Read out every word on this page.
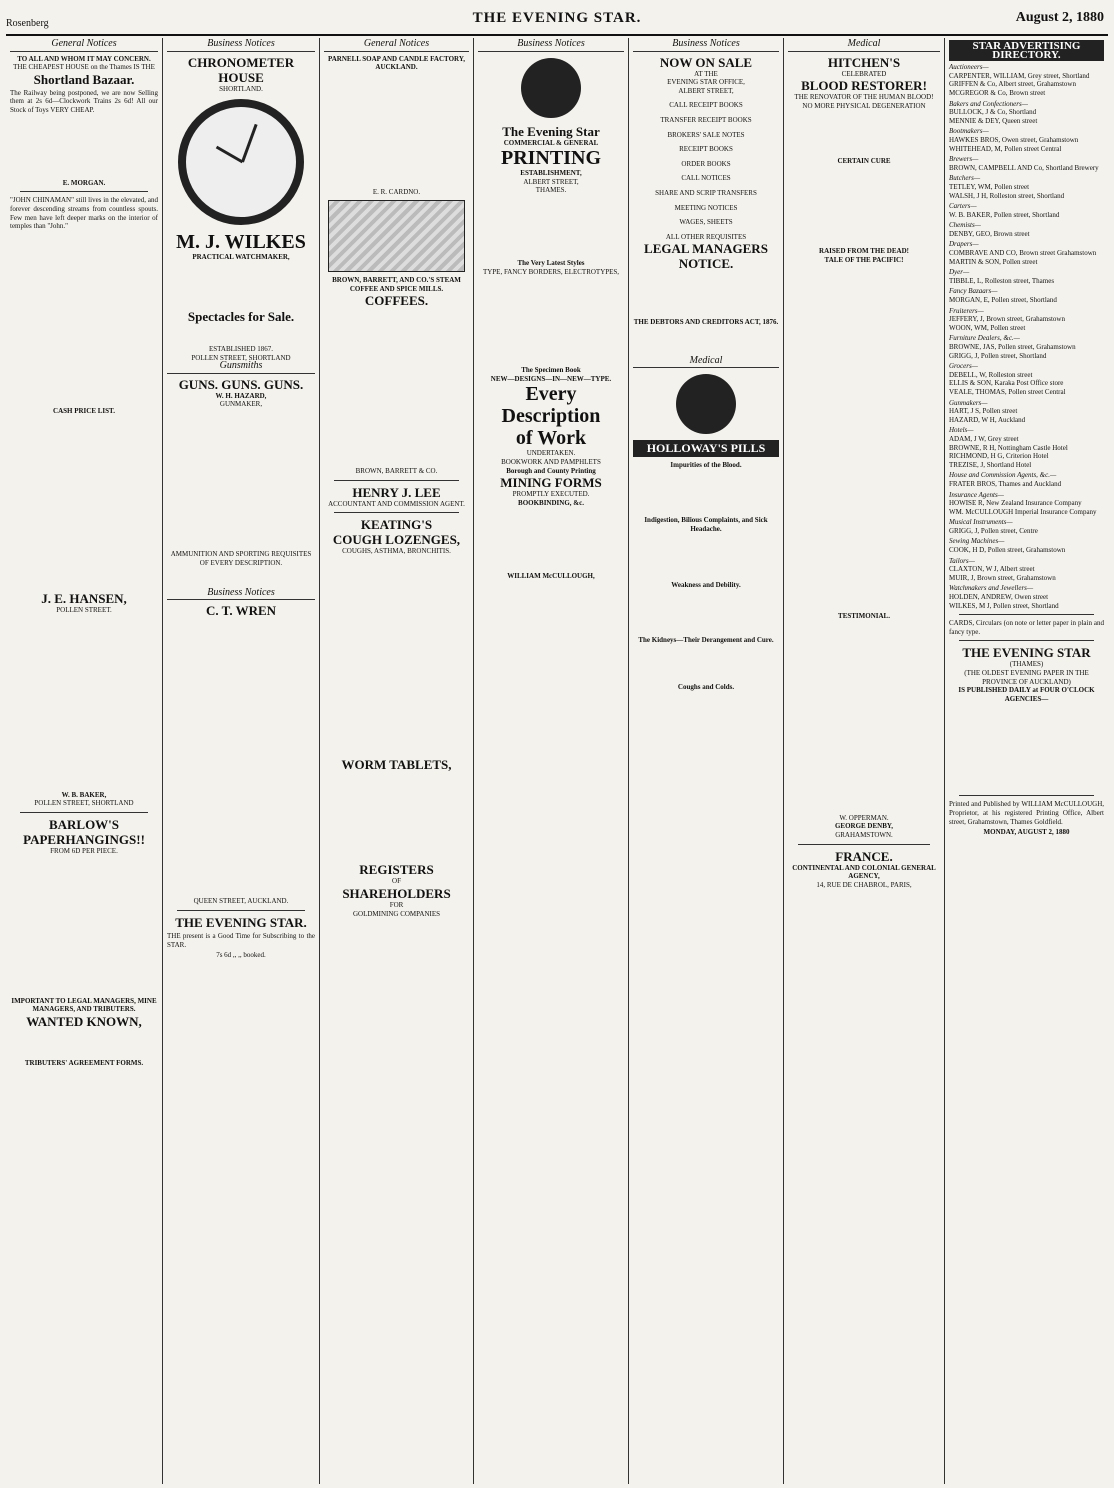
Rosenberg	THE EVENING STAR.	August 2, 1880
General Notices
TO ALL AND WHOM IT MAY CONCERN.
THE CHEAPEST HOUSE on the Thames IS THE
Shortland Bazaar.
The Railway being postponed, we are now Selling them at 2s 6d—Clockwork Trains 2s 6d! All our Stock of Toys VERY CHEAP.

E. MORGAN.
"JOHN CHINAMAN" still lives in the elevated, and forever descending streams from countless spouts. Few men have left deeper marks on the interior of temples than "John."

CASH PRICE LIST.

J. E. HANSEN,
POLLEN STREET.

W. B. BAKER,
POLLEN STREET, SHORTLAND
BARLOW'S
PAPERHANGINGS!!
FROM 6D PER PIECE.

IMPORTANT TO LEGAL MANAGERS, MINE MANAGERS, AND TRIBUTERS.
WANTED KNOWN,

TRIBUTERS' AGREEMENT FORMS.
Business Notices
CHRONOMETER HOUSE
SHORTLAND.
M. J. WILKES
PRACTICAL WATCHMAKER,

Spectacles for Sale.

ESTABLISHED 1867.
POLLEN STREET, SHORTLAND
Gunsmiths
GUNS. GUNS. GUNS.
W. H. HAZARD,
GUNMAKER,

AMMUNITION AND SPORTING REQUISITES OF EVERY DESCRIPTION.

Business Notices
C. T. WREN

QUEEN STREET, AUCKLAND.
THE EVENING STAR.
THE present is a Good Time for Subscribing to the STAR.
7s 6d ,, ,, booked.
General Notices
PARNELL SOAP AND CANDLE FACTORY, AUCKLAND.

E. R. CARDNO.
BROWN, BARRETT, AND CO.'S STEAM COFFEE AND SPICE MILLS.
COFFEES.

BROWN, BARRETT & CO.
HENRY J. LEE
ACCOUNTANT AND COMMISSION AGENT.
KEATING'S
COUGH LOZENGES,
COUGHS, ASTHMA, BRONCHITIS.

WORM TABLETS,

REGISTERS
OF
SHAREHOLDERS
FOR
GOLDMINING COMPANIES
Business Notices
The Evening Star
COMMERCIAL & GENERAL
PRINTING
ESTABLISHMENT,
ALBERT STREET,
THAMES.

The Very Latest Styles
TYPE, FANCY BORDERS, ELECTROTYPES,

The Specimen Book
NEW—DESIGNS—IN—NEW—TYPE.
Every
Description
of Work
UNDERTAKEN.
BOOKWORK AND PAMPHLETS
Borough and County Printing
MINING FORMS
PROMPTLY EXECUTED.
BOOKBINDING, &c.

WILLIAM McCULLOUGH,
Business Notices
NOW ON SALE
AT THE
EVENING STAR OFFICE,
ALBERT STREET,
CALL RECEIPT BOOKS
TRANSFER RECEIPT BOOKS
BROKERS' SALE NOTES
RECEIPT BOOKS
ORDER BOOKS
CALL NOTICES
SHARE AND SCRIP TRANSFERS
MEETING NOTICES
WAGES, SHEETS
ALL OTHER REQUISITES
LEGAL MANAGERS
NOTICE.

THE DEBTORS AND CREDITORS ACT, 1876.

Medical
HOLLOWAY'S PILLS
Impurities of the Blood.

Indigestion, Bilious Complaints, and Sick Headache.

Weakness and Debility.

The Kidneys—Their Derangement and Cure.

Coughs and Colds.
Medical
HITCHEN'S
CELEBRATED
BLOOD RESTORER!
THE RENOVATOR OF THE HUMAN BLOOD!
NO MORE PHYSICAL DEGENERATION

CERTAIN CURE

RAISED FROM THE DEAD!
TALE OF THE PACIFIC!

TESTIMONIAL.

W. OPPERMAN.
GEORGE DENBY,
GRAHAMSTOWN.
FRANCE.
CONTINENTAL AND COLONIAL GENERAL AGENCY,
14, RUE DE CHABROL, PARIS,
STAR ADVERTISING DIRECTORY.
Auctioneers—
CARPENTER, WILLIAM, Grey street, Shortland
GRIFFEN & Co, Albert street, Grahamstown
MCGREGOR & Co, Brown street
Bakers and Confectioners—
BULLOCK, J & Co, Shortland
MENNIE & DEY, Queen street
Bootmakers—
HAWKES BROS, Owen street, Grahamstown
WHITEHEAD, M, Pollen street Central
Brewers—
BROWN, CAMPBELL AND Co, Shortland Brewery
Butchers—
TETLEY, WM, Pollen street
WALSH, J H, Rolleston street, Shortland
Carters—
W. B. BAKER, Pollen street, Shortland
Chemists—
DENBY, GEO, Brown street
Drapers—
COMBRAVE AND CO, Brown street Grahamstown
MARTIN & SON, Pollen street
Dyer—
TIBBLE, L, Rolleston street, Thames
Fancy Bazaars—
MORGAN, E, Pollen street, Shortland
Fruiterers—
JEFFERY, J, Brown street, Grahamstown
WOON, WM, Pollen street
Furniture Dealers, &c.—
BROWNE, JAS, Pollen street, Grahamstown
GRIGG, J, Pollen street, Shortland
Grocers—
DEBELL, W, Rolleston street
ELLIS & SON, Karaka Post Office store
VEALE, THOMAS, Pollen street Central
Gunmakers—
HART, J S, Pollen street
HAZARD, W H, Auckland
Hotels—
ADAM, J W, Grey street
BROWNE, R H, Nottingham Castle Hotel
RICHMOND, H G, Criterion Hotel
TREZISE, J, Shortland Hotel
House and Commission Agents, &c.—
FRATER BROS, Thames and Auckland
Insurance Agents—
HOWISE R, New Zealand Insurance Company
WM. McCULLOUGH Imperial Insurance Company
Musical Instruments—
GRIGG, J, Pollen street, Centre
Sewing Machines—
COOK, H D, Pollen street, Grahamstown
Tailors—
CLAXTON, W J, Albert street
MUIR, J, Brown street, Grahamstown
Watchmakers and Jewellers—
HOLDEN, ANDREW, Owen street
WILKES, M J, Pollen street, Shortland
CARDS, Circulars (on note or letter paper in plain and fancy type.
THE EVENING STAR
(THAMES)
(THE OLDEST EVENING PAPER IN THE PROVINCE OF AUCKLAND)
IS PUBLISHED DAILY at FOUR O'CLOCK
AGENCIES—

Printed and Published by WILLIAM McCULLOUGH, Proprietor, at his registered Printing Office, Albert street, Grahamstown, Thames Goldfield.
MONDAY, AUGUST 2, 1880
